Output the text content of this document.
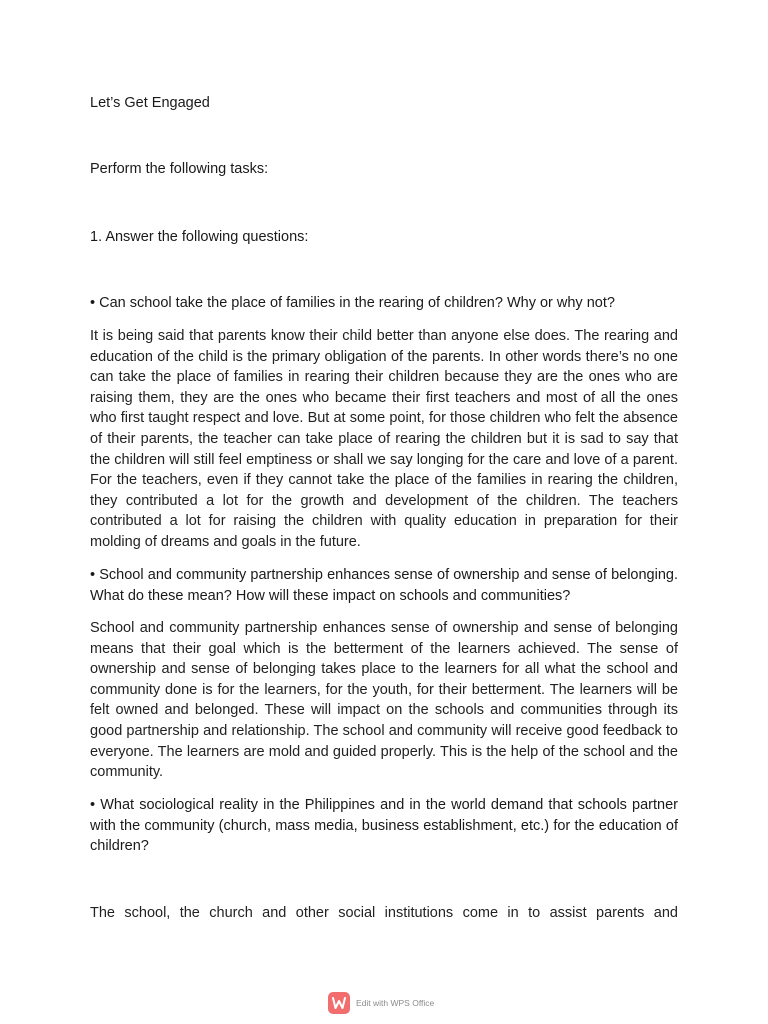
Let’s Get Engaged
Perform the following tasks:
1. Answer the following questions:
• Can school take the place of families in the rearing of children? Why or why not?
It is being said that parents know their child better than anyone else does. The rearing and education of the child is the primary obligation of the parents. In other words there’s no one can take the place of families in rearing their children because they are the ones who are raising them, they are the ones who became their first teachers and most of all the ones who first taught respect and love. But at some point, for those children who felt the absence of their parents, the teacher can take place of rearing the children but it is sad to say that the children will still feel emptiness or shall we say longing for the care and love of a parent. For the teachers, even if they cannot take the place of the families in rearing the children, they contributed a lot for the growth and development of the children. The teachers contributed a lot for raising the children with quality education in preparation for their molding of dreams and goals in the future.
• School and community partnership enhances sense of ownership and sense of belonging. What do these mean? How will these impact on schools and communities?
School and community partnership enhances sense of ownership and sense of belonging means that their goal which is the betterment of the learners achieved. The sense of ownership and sense of belonging takes place to the learners for all what the school and community done is for the learners, for the youth, for their betterment. The learners will be felt owned and belonged. These will impact on the schools and communities through its good partnership and relationship. The school and community will receive good feedback to everyone. The learners are mold and guided properly. This is the help of the school and the community.
• What sociological reality in the Philippines and in the world demand that schools partner with the community (church, mass media, business establishment, etc.) for the education of children?
The school, the church and other social institutions come in to assist parents and
Edit with WPS Office
